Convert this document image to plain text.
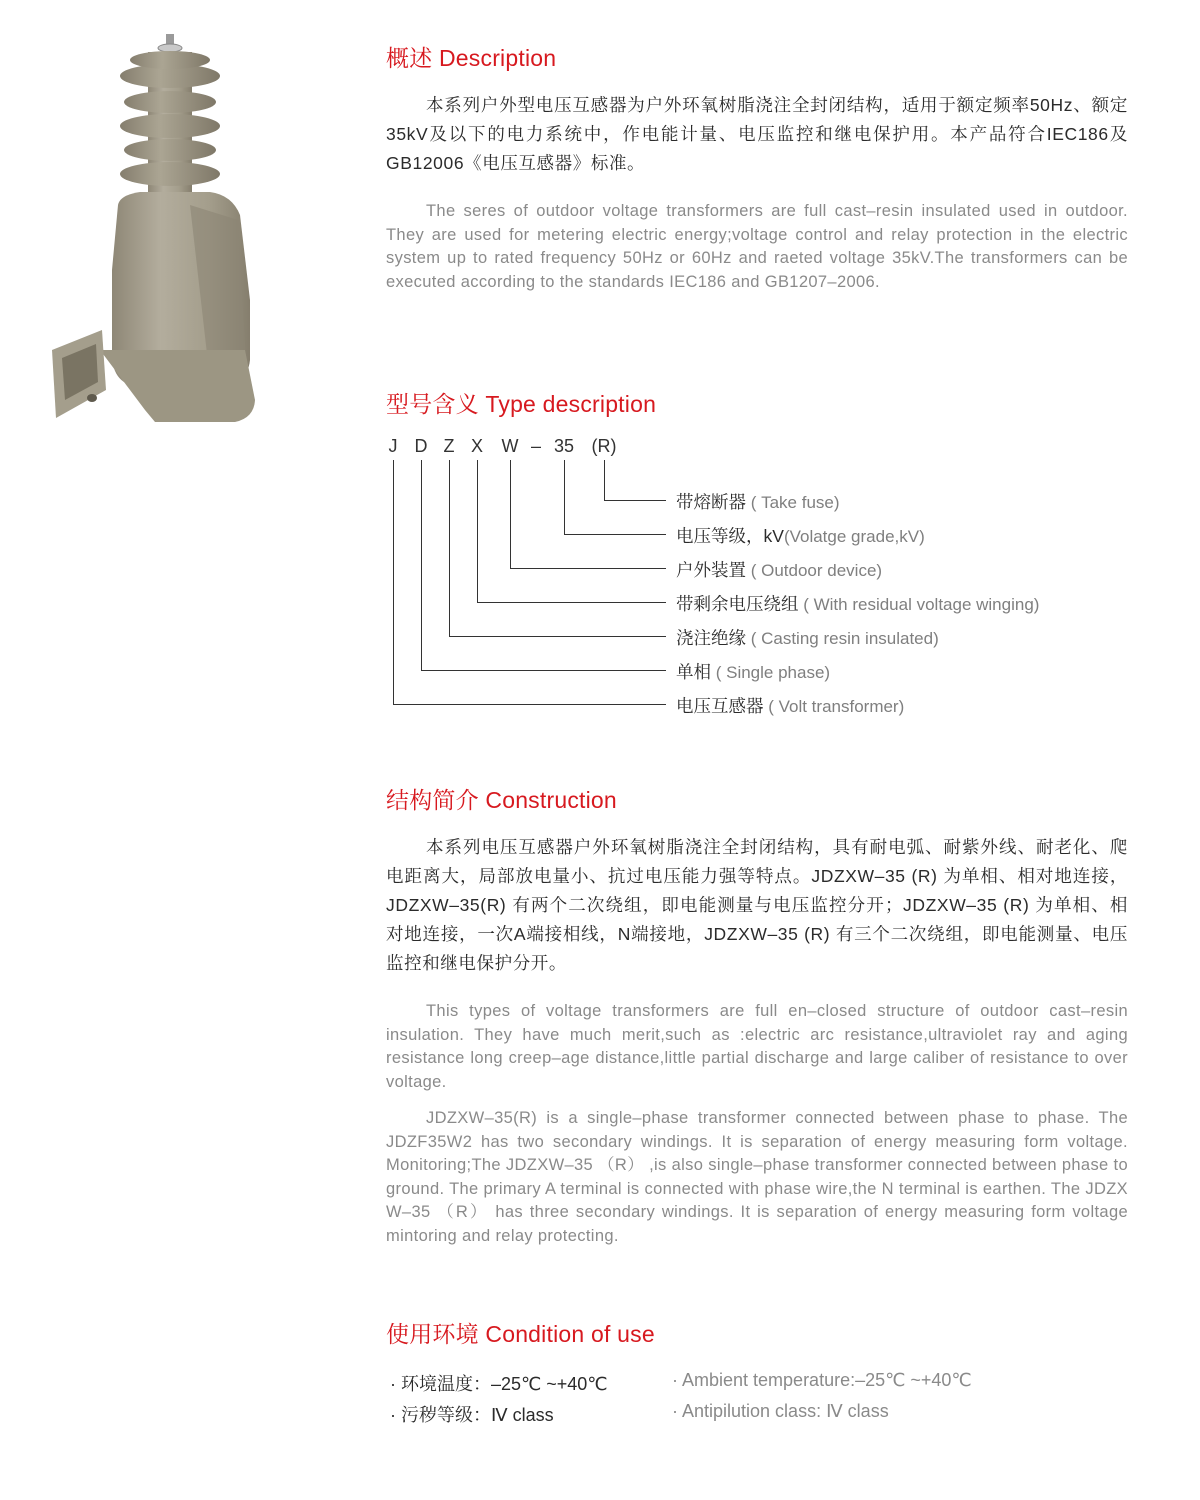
概述 Description

本系列户外型电压互感器为户外环氧树脂浇注全封闭结构，适用于额定频率50Hz、额定35kV及以下的电力系统中，作电能计量、电压监控和继电保护用。本产品符合IEC186及GB12006《电压互感器》标准。

The seres of outdoor voltage transformers are full cast–resin insulated used in outdoor. They are used for metering electric energy;voltage control and relay protection in the electric system up to rated frequency 50Hz or 60Hz and raeted voltage 35kV.The transformers can be executed according to the standards IEC186 and GB1207–2006.

型号含义 Type description
J D Z X W – 35 (R)
带熔断器 ( Take fuse)
电压等级，kV(Volatge grade,kV)
户外装置 ( Outdoor device)
带剩余电压绕组 ( With residual voltage winging)
浇注绝缘 ( Casting resin insulated)
单相 ( Single phase)
电压互感器 ( Volt transformer)
结构简介 Construction

本系列电压互感器户外环氧树脂浇注全封闭结构，具有耐电弧、耐紫外线、耐老化、爬电距离大，局部放电量小、抗过电压能力强等特点。JDZXW–35 (R) 为单相、相对地连接，JDZXW–35(R) 有两个二次绕组，即电能测量与电压监控分开；JDZXW–35 (R) 为单相、相对地连接，一次A端接相线，N端接地，JDZXW–35 (R) 有三个二次绕组，即电能测量、电压监控和继电保护分开。

This types of voltage transformers are full en–closed structure of outdoor cast–resin insulation. They have much merit,such as :electric arc resistance,ultraviolet ray and aging resistance long creep–age distance,little partial discharge and large caliber of resistance to over voltage.

JDZXW–35(R) is a single–phase transformer connected between phase to phase. The JDZF35W2 has two secondary windings. It is separation of energy measuring form voltage. Monitoring;The JDZXW–35 （R） ,is also single–phase transformer connected between phase to ground. The primary A terminal is connected with phase wire,the N terminal is earthen. The JDZX W–35 （R） has three secondary windings. It is separation of energy measuring form voltage mintoring and relay protecting.

使用环境 Condition of use
· 环境温度：–25℃ ~+40℃	· Ambient temperature:–25℃ ~+40℃
· 污秽等级：Ⅳ class	· Antipilution class: Ⅳ class
